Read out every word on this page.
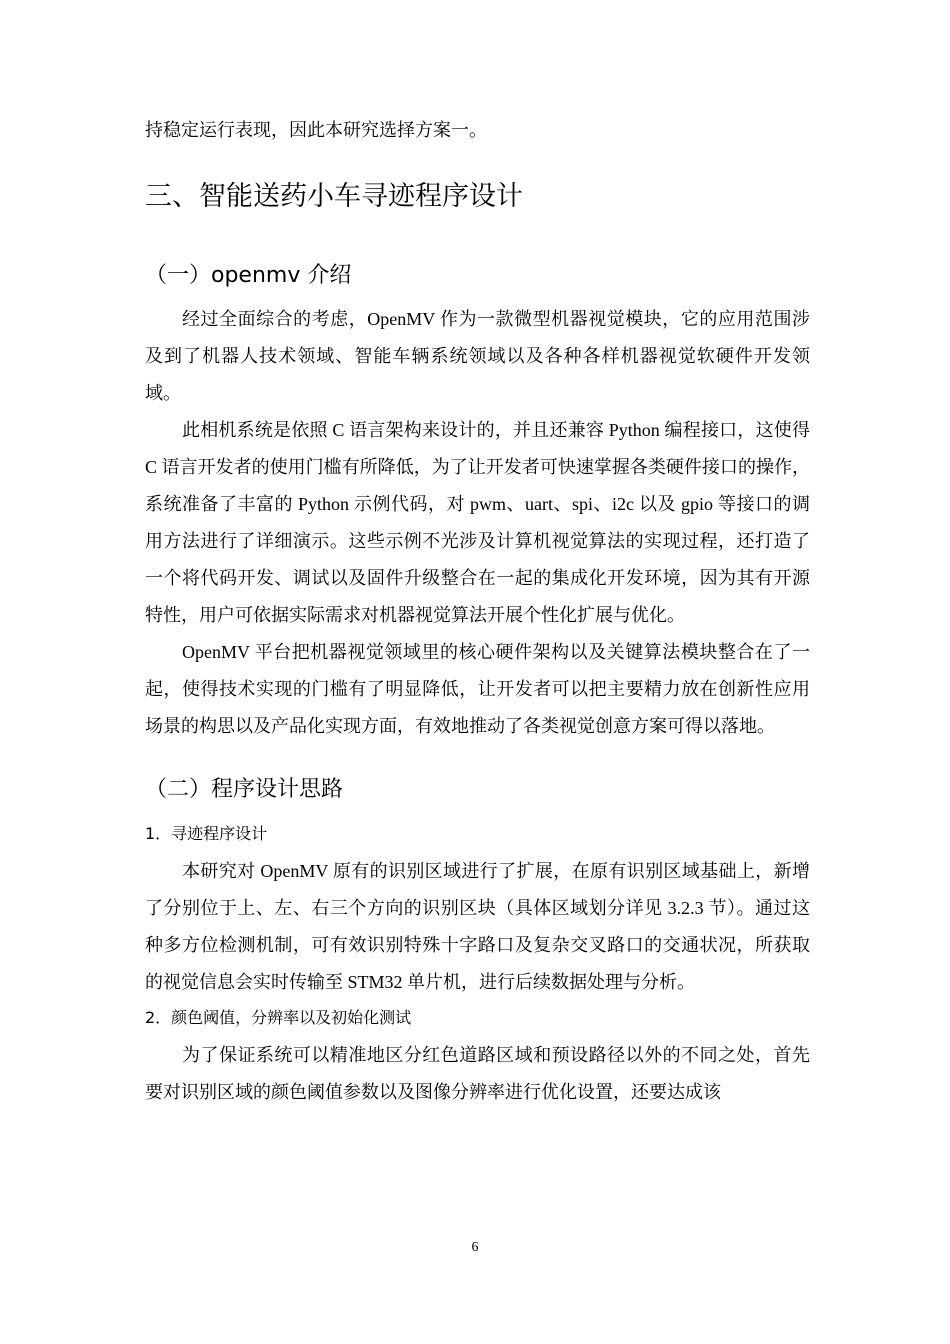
持稳定运行表现，因此本研究选择方案一。

三、智能送药小车寻迹程序设计
（一）openmv 介绍

经过全面综合的考虑，OpenMV 作为一款微型机器视觉模块，它的应用范围涉及到了机器人技术领域、智能车辆系统领域以及各种各样机器视觉软硬件开发领域。

此相机系统是依照 C 语言架构来设计的，并且还兼容 Python 编程接口，这使得 C 语言开发者的使用门槛有所降低，为了让开发者可快速掌握各类硬件接口的操作，系统准备了丰富的 Python 示例代码，对 pwm、uart、spi、i2c 以及 gpio 等接口的调用方法进行了详细演示。这些示例不光涉及计算机视觉算法的实现过程，还打造了一个将代码开发、调试以及固件升级整合在一起的集成化开发环境，因为其有开源特性，用户可依据实际需求对机器视觉算法开展个性化扩展与优化。

OpenMV 平台把机器视觉领域里的核心硬件架构以及关键算法模块整合在了一起，使得技术实现的门槛有了明显降低，让开发者可以把主要精力放在创新性应用场景的构思以及产品化实现方面，有效地推动了各类视觉创意方案可得以落地。

（二）程序设计思路
1．寻迹程序设计

本研究对 OpenMV 原有的识别区域进行了扩展，在原有识别区域基础上，新增了分别位于上、左、右三个方向的识别区块（具体区域划分详见 3.2.3 节）。通过这种多方位检测机制，可有效识别特殊十字路口及复杂交叉路口的交通状况，所获取的视觉信息会实时传输至 STM32 单片机，进行后续数据处理与分析。

2．颜色阈值，分辨率以及初始化测试

为了保证系统可以精准地区分红色道路区域和预设路径以外的不同之处，首先要对识别区域的颜色阈值参数以及图像分辨率进行优化设置，还要达成该

6
